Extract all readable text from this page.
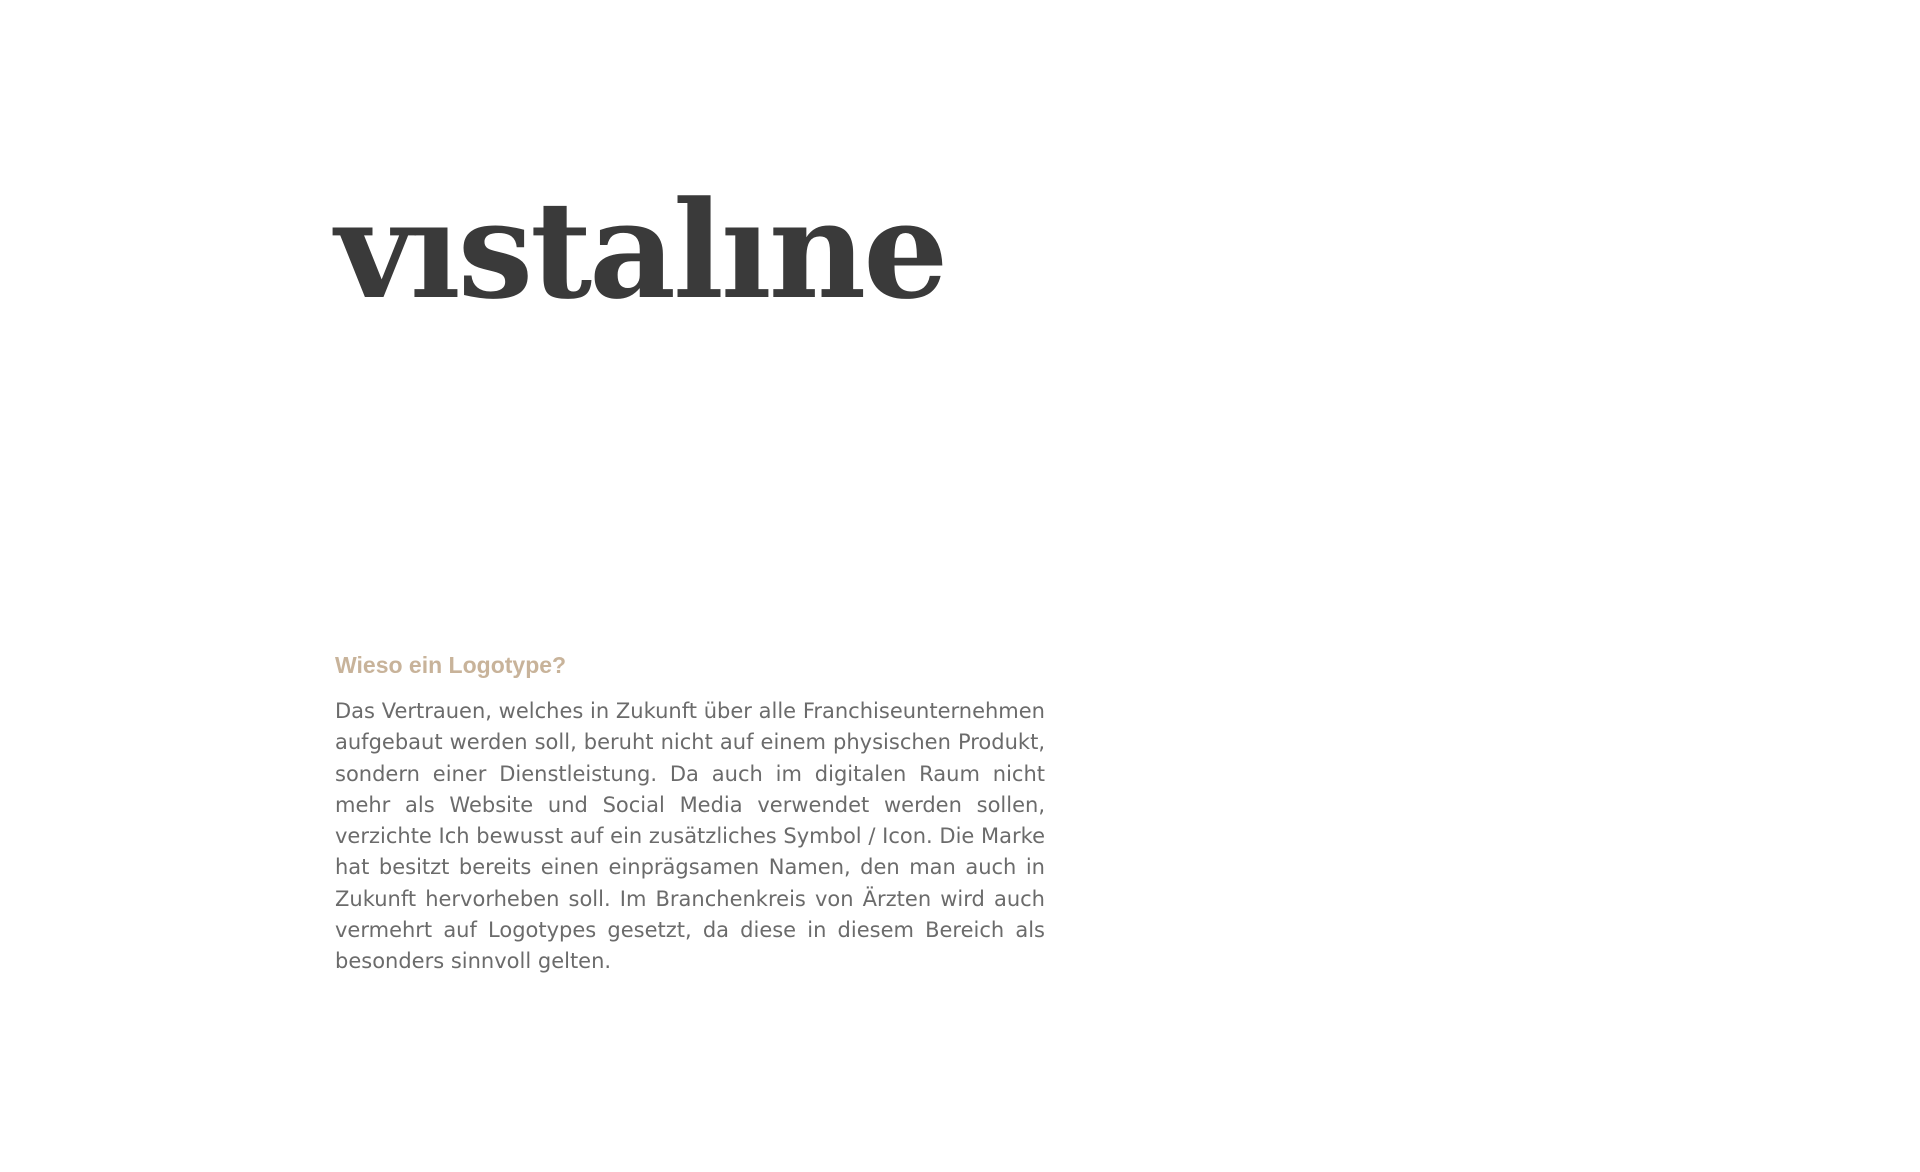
vıstalıne
Wieso ein Logotype?

Das Vertrauen, welches in Zukunft über alle Franchiseunternehmen aufgebaut werden soll, beruht nicht auf einem physischen Produkt, sondern einer Dienstleistung. Da auch im digitalen Raum nicht mehr als Website und Social Media verwendet werden sollen, verzichte Ich bewusst auf ein zusätzliches Symbol / Icon. Die Marke hat besitzt bereits einen einprägsamen Namen, den man auch in Zukunft hervorheben soll. Im Branchenkreis von Ärzten wird auch vermehrt auf Logotypes gesetzt, da diese in diesem Bereich als besonders sinnvoll gelten.
